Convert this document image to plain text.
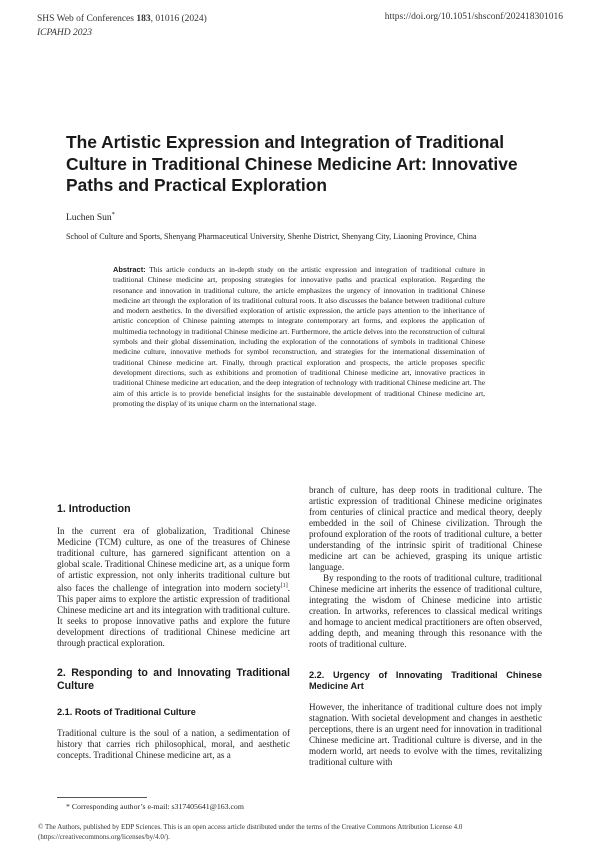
SHS Web of Conferences 183, 01016 (2024)
ICPAHD 2023
https://doi.org/10.1051/shsconf/202418301016
The Artistic Expression and Integration of Traditional Culture in Traditional Chinese Medicine Art: Innovative Paths and Practical Exploration
Luchen Sun*
School of Culture and Sports, Shenyang Pharmaceutical University, Shenhe District, Shenyang City, Liaoning Province, China
Abstract: This article conducts an in-depth study on the artistic expression and integration of traditional culture in traditional Chinese medicine art, proposing strategies for innovative paths and practical exploration. Regarding the resonance and innovation in traditional culture, the article emphasizes the urgency of innovation in traditional Chinese medicine art through the exploration of its traditional cultural roots. It also discusses the balance between traditional culture and modern aesthetics. In the diversified exploration of artistic expression, the article pays attention to the inheritance of artistic conception of Chinese painting attempts to integrate contemporary art forms, and explores the application of multimedia technology in traditional Chinese medicine art. Furthermore, the article delves into the reconstruction of cultural symbols and their global dissemination, including the exploration of the connotations of symbols in traditional Chinese medicine culture, innovative methods for symbol reconstruction, and strategies for the international dissemination of traditional Chinese medicine art. Finally, through practical exploration and prospects, the article proposes specific development directions, such as exhibitions and promotion of traditional Chinese medicine art, innovative practices in traditional Chinese medicine art education, and the deep integration of technology with traditional Chinese medicine art. The aim of this article is to provide beneficial insights for the sustainable development of traditional Chinese medicine art, promoting the display of its unique charm on the international stage.
1. Introduction

In the current era of globalization, Traditional Chinese Medicine (TCM) culture, as one of the treasures of Chinese traditional culture, has garnered significant attention on a global scale. Traditional Chinese medicine art, as a unique form of artistic expression, not only inherits traditional culture but also faces the challenge of integration into modern society[1]. This paper aims to explore the artistic expression of traditional Chinese medicine art and its integration with traditional culture. It seeks to propose innovative paths and explore the future development directions of traditional Chinese medicine art through practical exploration.

2. Responding to and Innovating Traditional Culture
2.1. Roots of Traditional Culture

Traditional culture is the soul of a nation, a sedimentation of history that carries rich philosophical, moral, and aesthetic concepts. Traditional Chinese medicine art, as a

branch of culture, has deep roots in traditional culture. The artistic expression of traditional Chinese medicine originates from centuries of clinical practice and medical theory, deeply embedded in the soil of Chinese civilization. Through the profound exploration of the roots of traditional culture, a better understanding of the intrinsic spirit of traditional Chinese medicine art can be achieved, grasping its unique artistic language.

By responding to the roots of traditional culture, traditional Chinese medicine art inherits the essence of traditional culture, integrating the wisdom of Chinese medicine into artistic creation. In artworks, references to classical medical writings and homage to ancient medical practitioners are often observed, adding depth, and meaning through this resonance with the roots of traditional culture.

2.2. Urgency of Innovating Traditional Chinese Medicine Art

However, the inheritance of traditional culture does not imply stagnation. With societal development and changes in aesthetic perceptions, there is an urgent need for innovation in traditional Chinese medicine art. Traditional culture is diverse, and in the modern world, art needs to evolve with the times, revitalizing traditional culture with

* Corresponding author’s e-mail: s317405641@163.com
© The Authors, published by EDP Sciences. This is an open access article distributed under the terms of the Creative Commons Attribution License 4.0 (https://creativecommons.org/licenses/by/4.0/).
